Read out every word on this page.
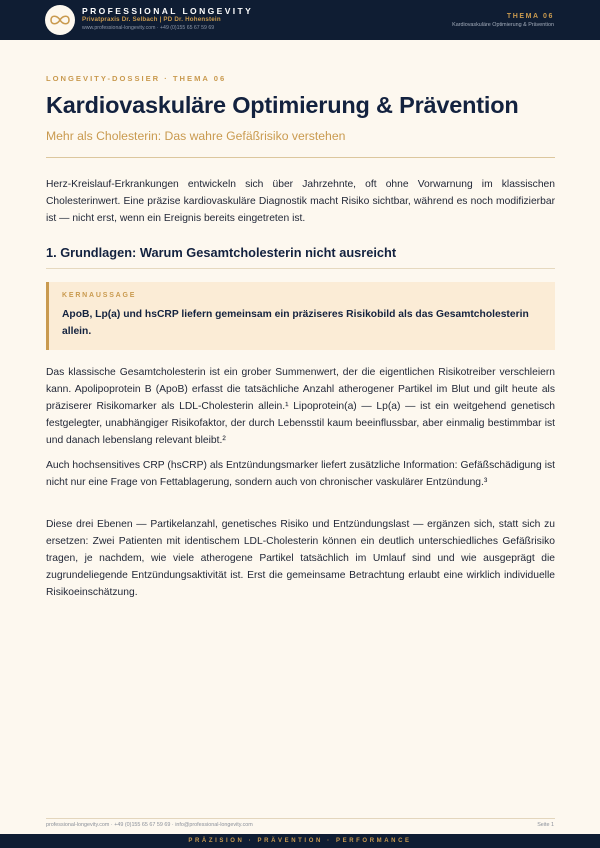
PROFESSIONAL LONGEVITY
Privatpraxis Dr. Selbach | PD Dr. Hohenstein
www.professional-longevity.com · +49 (0)155 65 67 59 69
THEMA 06
Kardiovaskuläre Optimierung & Prävention
LONGEVITY-DOSSIER · THEMA 06
Kardiovaskuläre Optimierung & Prävention
Mehr als Cholesterin: Das wahre Gefäßrisiko verstehen

Herz-Kreislauf-Erkrankungen entwickeln sich über Jahrzehnte, oft ohne Vorwarnung im klassischen Cholesterinwert. Eine präzise kardiovaskuläre Diagnostik macht Risiko sichtbar, während es noch modifizierbar ist — nicht erst, wenn ein Ereignis bereits eingetreten ist.

1. Grundlagen: Warum Gesamtcholesterin nicht ausreicht
KERNAUSSAGE
ApoB, Lp(a) und hsCRP liefern gemeinsam ein präziseres Risikobild als das Gesamtcholesterin allein.

Das klassische Gesamtcholesterin ist ein grober Summenwert, der die eigentlichen Risikotreiber verschleiern kann. Apolipoprotein B (ApoB) erfasst die tatsächliche Anzahl atherogener Partikel im Blut und gilt heute als präziserer Risikomarker als LDL-Cholesterin allein.¹ Lipoprotein(a) — Lp(a) — ist ein weitgehend genetisch festgelegter, unabhängiger Risikofaktor, der durch Lebensstil kaum beeinflussbar, aber einmalig bestimmbar ist und danach lebenslang relevant bleibt.²

Auch hochsensitives CRP (hsCRP) als Entzündungsmarker liefert zusätzliche Information: Gefäßschädigung ist nicht nur eine Frage von Fettablagerung, sondern auch von chronischer vaskulärer Entzündung.³

Diese drei Ebenen — Partikelanzahl, genetisches Risiko und Entzündungslast — ergänzen sich, statt sich zu ersetzen: Zwei Patienten mit identischem LDL-Cholesterin können ein deutlich unterschiedliches Gefäßrisiko tragen, je nachdem, wie viele atherogene Partikel tatsächlich im Umlauf sind und wie ausgeprägt die zugrundeliegende Entzündungsaktivität ist. Erst die gemeinsame Betrachtung erlaubt eine wirklich individuelle Risikoeinschätzung.

professional-longevity.com · +49 (0)155 65 67 59 69 · info@professional-longevity.com	Seite 1
PRÄZISION · PRÄVENTION · PERFORMANCE
